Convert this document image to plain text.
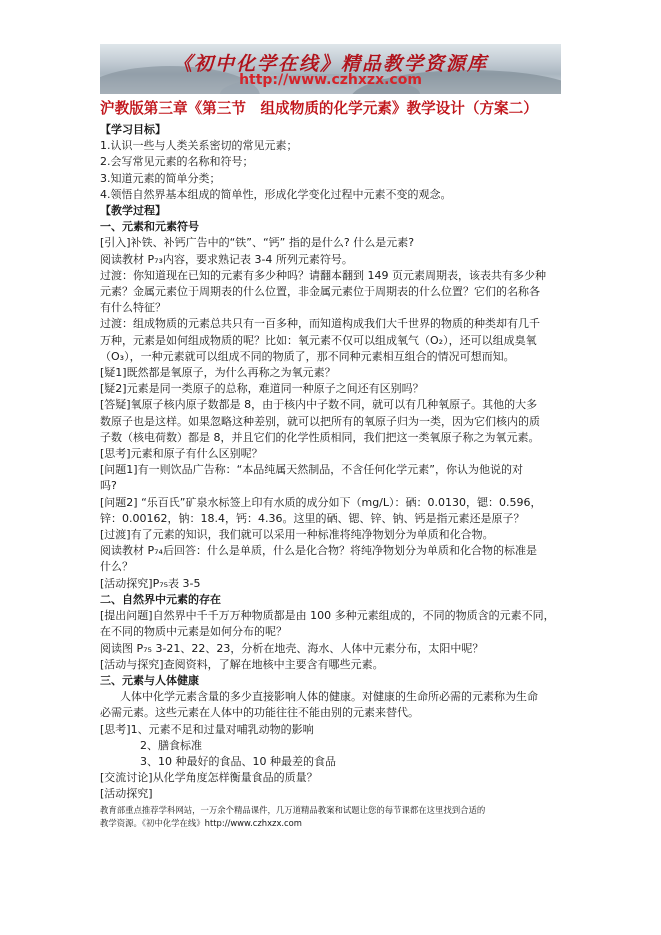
《初中化学在线》精品教学资源库
http://www.czhxzx.com
沪教版第三章《第三节　组成物质的化学元素》教学设计（方案二）
【学习目标】
1.认识一些与人类关系密切的常见元素；
2.会写常见元素的名称和符号；
3.知道元素的简单分类；
4.领悟自然界基本组成的简单性，形成化学变化过程中元素不变的观念。
【教学过程】
一、元素和元素符号
[引入]补铁、补钙广告中的“铁”、“钙” 指的是什么? 什么是元素?
阅读教材 P₇₃内容，要求熟记表 3-4 所列元素符号。
过渡：你知道现在已知的元素有多少种吗？请翻本翻到 149 页元素周期表，该表共有多少种
元素？金属元素位于周期表的什么位置，非金属元素位于周期表的什么位置？它们的名称各
有什么特征？
过渡：组成物质的元素总共只有一百多种，而知道构成我们大千世界的物质的种类却有几千
万种，元素是如何组成物质的呢？比如：氧元素不仅可以组成氧气（O₂），还可以组成臭氧
（O₃），一种元素就可以组成不同的物质了，那不同种元素相互组合的情况可想而知。
[疑1]既然都是氧原子，为什么再称之为氧元素？
[疑2]元素是同一类原子的总称，难道同一种原子之间还有区别吗？
[答疑]氧原子核内原子数都是 8，由于核内中子数不同，就可以有几种氧原子。其他的大多
数原子也是这样。如果忽略这种差别，就可以把所有的氧原子归为一类，因为它们核内的质
子数（核电荷数）都是 8，并且它们的化学性质相同，我们把这一类氧原子称之为氧元素。
[思考]元素和原子有什么区别呢？
[问题1]有一则饮品广告称：“本品纯属天然制品，不含任何化学元素”，你认为他说的对
吗?
[问题2] “乐百氏”矿泉水标签上印有水质的成分如下（mg/L）：硒：0.0130，锶：0.596，
锌：0.00162，钠：18.4，钙：4.36。这里的硒、锶、锌、钠、钙是指元素还是原子？
[过渡]有了元素的知识，我们就可以采用一种标准将纯净物划分为单质和化合物。
阅读教材 P₇₄后回答：什么是单质，什么是化合物？将纯净物划分为单质和化合物的标准是
什么？
[活动探究]P₇₅表 3-5
二、自然界中元素的存在
[提出问题]自然界中千千万万种物质都是由 100 多种元素组成的，不同的物质含的元素不同，
在不同的物质中元素是如何分布的呢？
阅读图 P₇₅ 3-21、22、23，分析在地壳、海水、人体中元素分布，太阳中呢？
[活动与探究]查阅资料，了解在地核中主要含有哪些元素。
三、元素与人体健康
人体中化学元素含量的多少直接影响人体的健康。对健康的生命所必需的元素称为生命
必需元素。这些元素在人体中的功能往往不能由别的元素来替代。
[思考]1、元素不足和过量对哺乳动物的影响
2、膳食标准
3、10 种最好的食品、10 种最差的食品
[交流讨论]从化学角度怎样衡量食品的质量？
[活动探究]
教育部重点推荐学科网站，一万余个精品课件，几万道精品教案和试题让您的每节课都在这里找到合适的
教学资源。《初中化学在线》http://www.czhxzx.com
